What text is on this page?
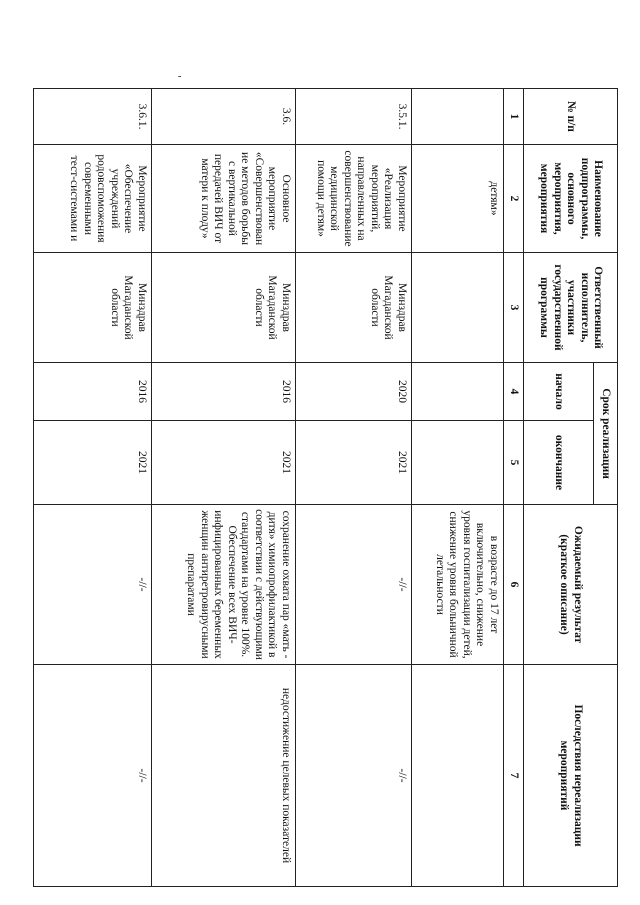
-
№ п/п	Наименование подпрограммы, основного мероприятия, мероприятия	Ответственный исполнитель, участники государственной программы	Срок реализации		Ожидаемый результат (краткое описание)	Последствия нереализации мероприятий
			начало	окончание		
1	2	3	4	5	6	7
	детям»				в возрасте до 17 лет включительно, снижение уровня госпитализации детей, снижение уровня больничной летальности	
3.5.1.	Мероприятие «Реализация мероприятий, направленных на совершенствование медицинской помощи детям»	Минздрав Магаданской области	2020	2021	-//-	-//-
3.6.	Основное мероприятие «Совершенствование методов борьбы с вертикальной передачей ВИЧ от матери к плоду»	Минздрав Магаданской области	2016	2021	сохранение охвата пар «мать - дитя» химиопрофилактикой в соответствии с действующими стандартами на уровне 100%. Обеспечение всех ВИЧ-инфицированных беременных женщин антиретровирусными препаратами	недостижение целевых показателей
3.6.1.	Мероприятие «Обеспечение учреждений родовспоможения современными тест-системами и	Минздрав Магаданской области	2016	2021	-//-	-//-
